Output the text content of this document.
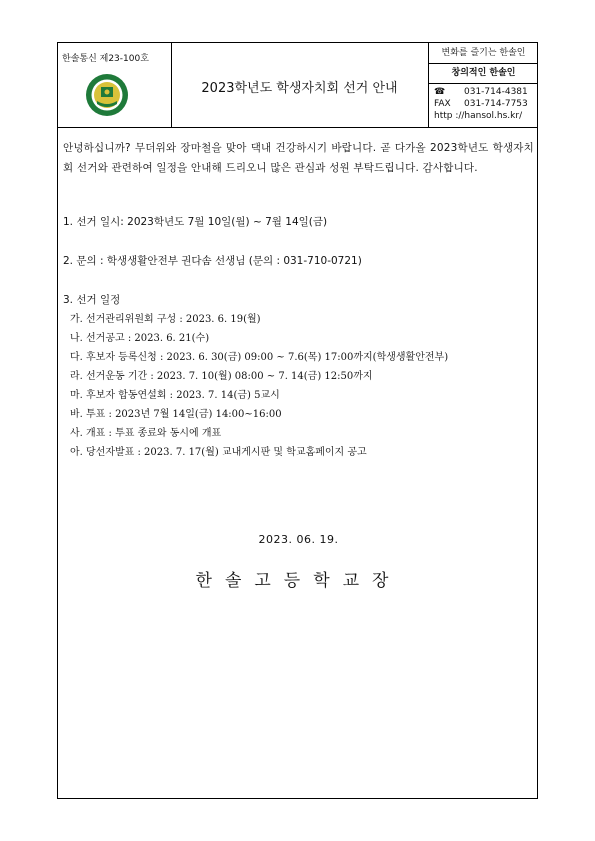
한솔통신 제23-100호
2023학년도 학생자치회 선거 안내
변화를 즐기는 한솔인
창의적인 한솔인
☎ 031-714-4381
FAX 031-714-7753
http ://hansol.hs.kr/
안녕하십니까? 무더위와 장마철을 맞아 댁내 건강하시기 바랍니다. 곧 다가올 2023학년도 학생자치회 선거와 관련하여 일정을 안내해 드리오니 많은 관심과 성원 부탁드립니다. 감사합니다.
1. 선거 일시: 2023학년도 7월 10일(월) ~ 7월 14일(금)
2. 문의 : 학생생활안전부 권다솜 선생님 (문의 : 031-710-0721)
3. 선거 일정
가. 선거관리위원회 구성 : 2023. 6. 19(월)
나. 선거공고 : 2023. 6. 21(수)
다. 후보자 등록신청 : 2023. 6. 30(금) 09:00 ~ 7.6(목) 17:00까지(학생생활안전부)
라. 선거운동 기간 : 2023. 7. 10(월) 08:00 ~ 7. 14(금) 12:50까지
마. 후보자 합동연설회 : 2023. 7. 14(금) 5교시
바. 투표 : 2023년 7월 14일(금) 14:00~16:00
사. 개표 : 투표 종료와 동시에 개표
아. 당선자발표 : 2023. 7. 17(월) 교내게시판 및 학교홈페이지 공고
2023. 06. 19.
한솔고등학교장
